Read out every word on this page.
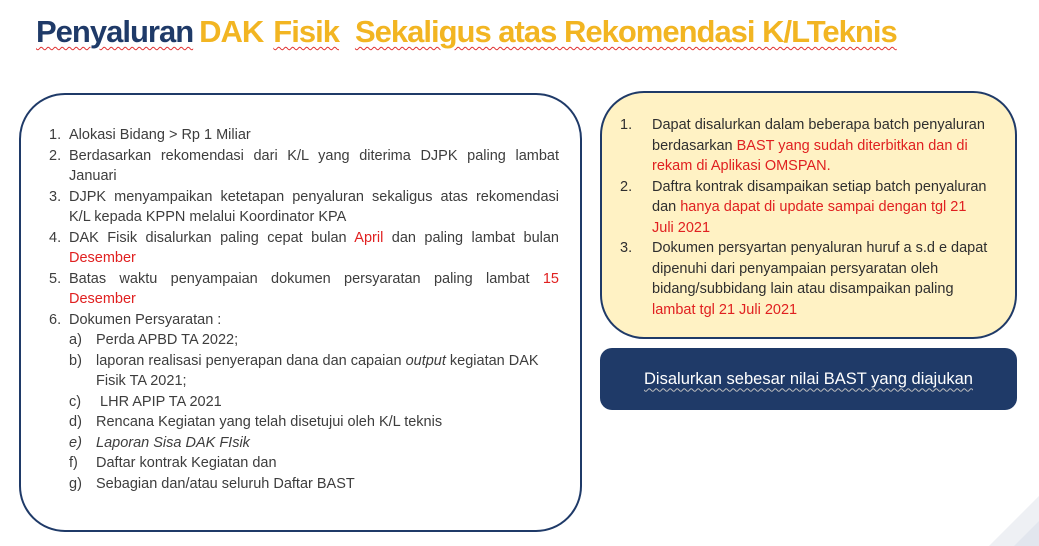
Penyaluran DAK Fisik Sekaligus atas Rekomendasi K/LTeknis
1. Alokasi Bidang > Rp 1 Miliar
2. Berdasarkan rekomendasi dari K/L yang diterima DJPK paling lambat Januari
3. DJPK menyampaikan ketetapan penyaluran sekaligus atas rekomendasi K/L kepada KPPN melalui Koordinator KPA
4. DAK Fisik disalurkan paling cepat bulan April dan paling lambat bulan Desember
5. Batas waktu penyampaian dokumen persyaratan paling lambat 15 Desember
6. Dokumen Persyaratan :
a) Perda APBD TA 2022;
b) laporan realisasi penyerapan dana dan capaian output kegiatan DAK Fisik TA 2021;
c)	LHR APIP TA 2021
d) Rencana Kegiatan yang telah disetujui oleh K/L teknis
e) Laporan Sisa DAK FIsik
f)	Daftar kontrak Kegiatan dan
g) Sebagian dan/atau seluruh Daftar BAST
1.	Dapat disalurkan dalam beberapa batch penyaluran berdasarkan BAST yang sudah diterbitkan dan di rekam di Aplikasi OMSPAN.
2.	Daftra kontrak disampaikan setiap batch penyaluran  dan hanya dapat di update sampai dengan tgl 21 Juli 2021
3.	Dokumen persyartan penyaluran huruf a s.d e dapat dipenuhi dari penyampaian persyaratan oleh bidang/subbidang lain atau disampaikan paling lambat tgl 21 Juli 2021
Disalurkan sebesar nilai BAST yang diajukan
